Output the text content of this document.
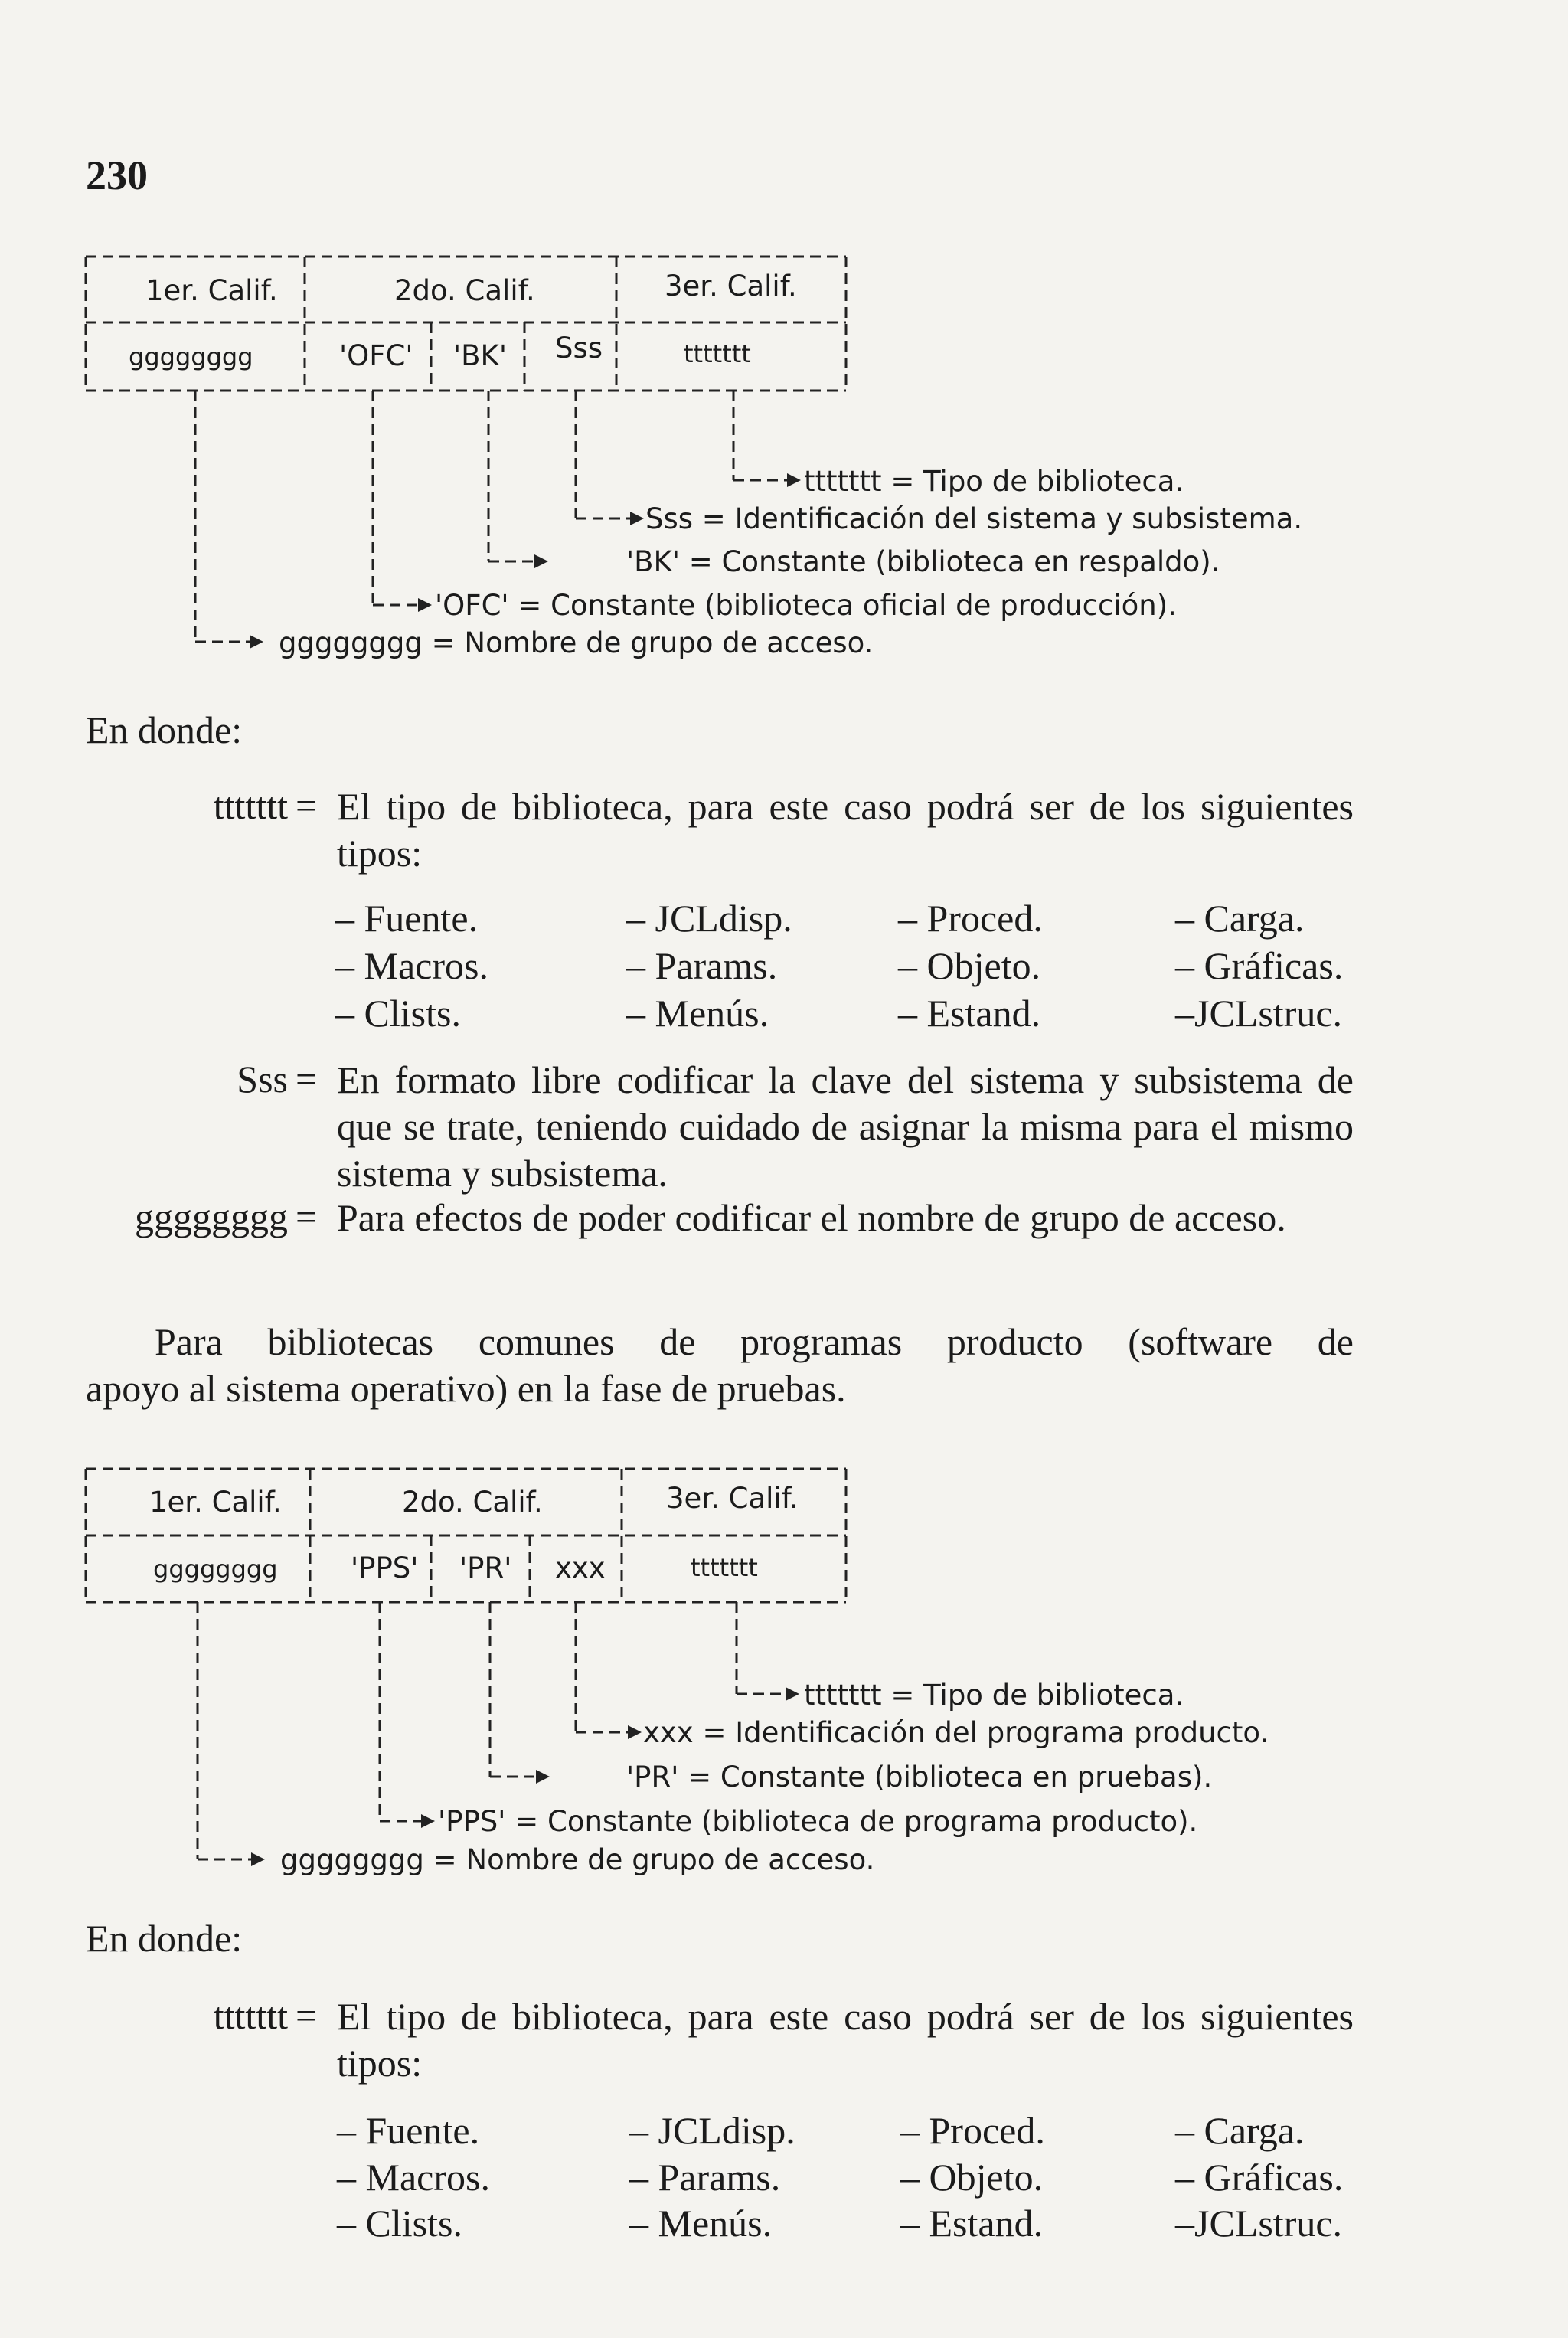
230
1er. Calif.	2do. Calif.	3er. Calif.
gggggggg	'OFC' 'BK' Sss	ttttttt
ttttttt = Tipo de biblioteca.
Sss = Identificación del sistema y subsistema.
'BK' = Constante (biblioteca en respaldo).
'OFC' = Constante (biblioteca oficial de producción).
gggggggg = Nombre de grupo de acceso.
En donde:
ttttttt = El tipo de biblioteca, para este caso podrá ser de los siguientes tipos:
Sss = En formato libre codificar la clave del sistema y subsistema de que se trate, teniendo cuidado de asignar la misma para el mismo sistema y subsistema.
gggggggg = Para efectos de poder codificar el nombre de grupo de acceso.
– Fuente.	– JCLdisp.	– Proced.	– Carga.
– Macros.	– Params.	– Objeto.	– Gráficas.
– Clists.	– Menús.	– Estand.	–JCLstruc.
Para bibliotecas comunes de programas producto (software de
apoyo al sistema operativo) en la fase de pruebas.
1er. Calif.	2do. Calif.	3er. Calif.
gggggggg	'PPS' 'PR' xxx	ttttttt
ttttttt = Tipo de biblioteca.
xxx = Identificación del programa producto.
'PR' = Constante (biblioteca en pruebas).
'PPS' = Constante (biblioteca de programa producto).
gggggggg = Nombre de grupo de acceso.
En donde:
ttttttt = El tipo de biblioteca, para este caso podrá ser de los siguientes tipos:
– Fuente.	– JCLdisp.	– Proced.	– Carga.
– Macros.	– Params.	– Objeto.	– Gráficas.
– Clists.	– Menús.	– Estand.	–JCLstruc.
